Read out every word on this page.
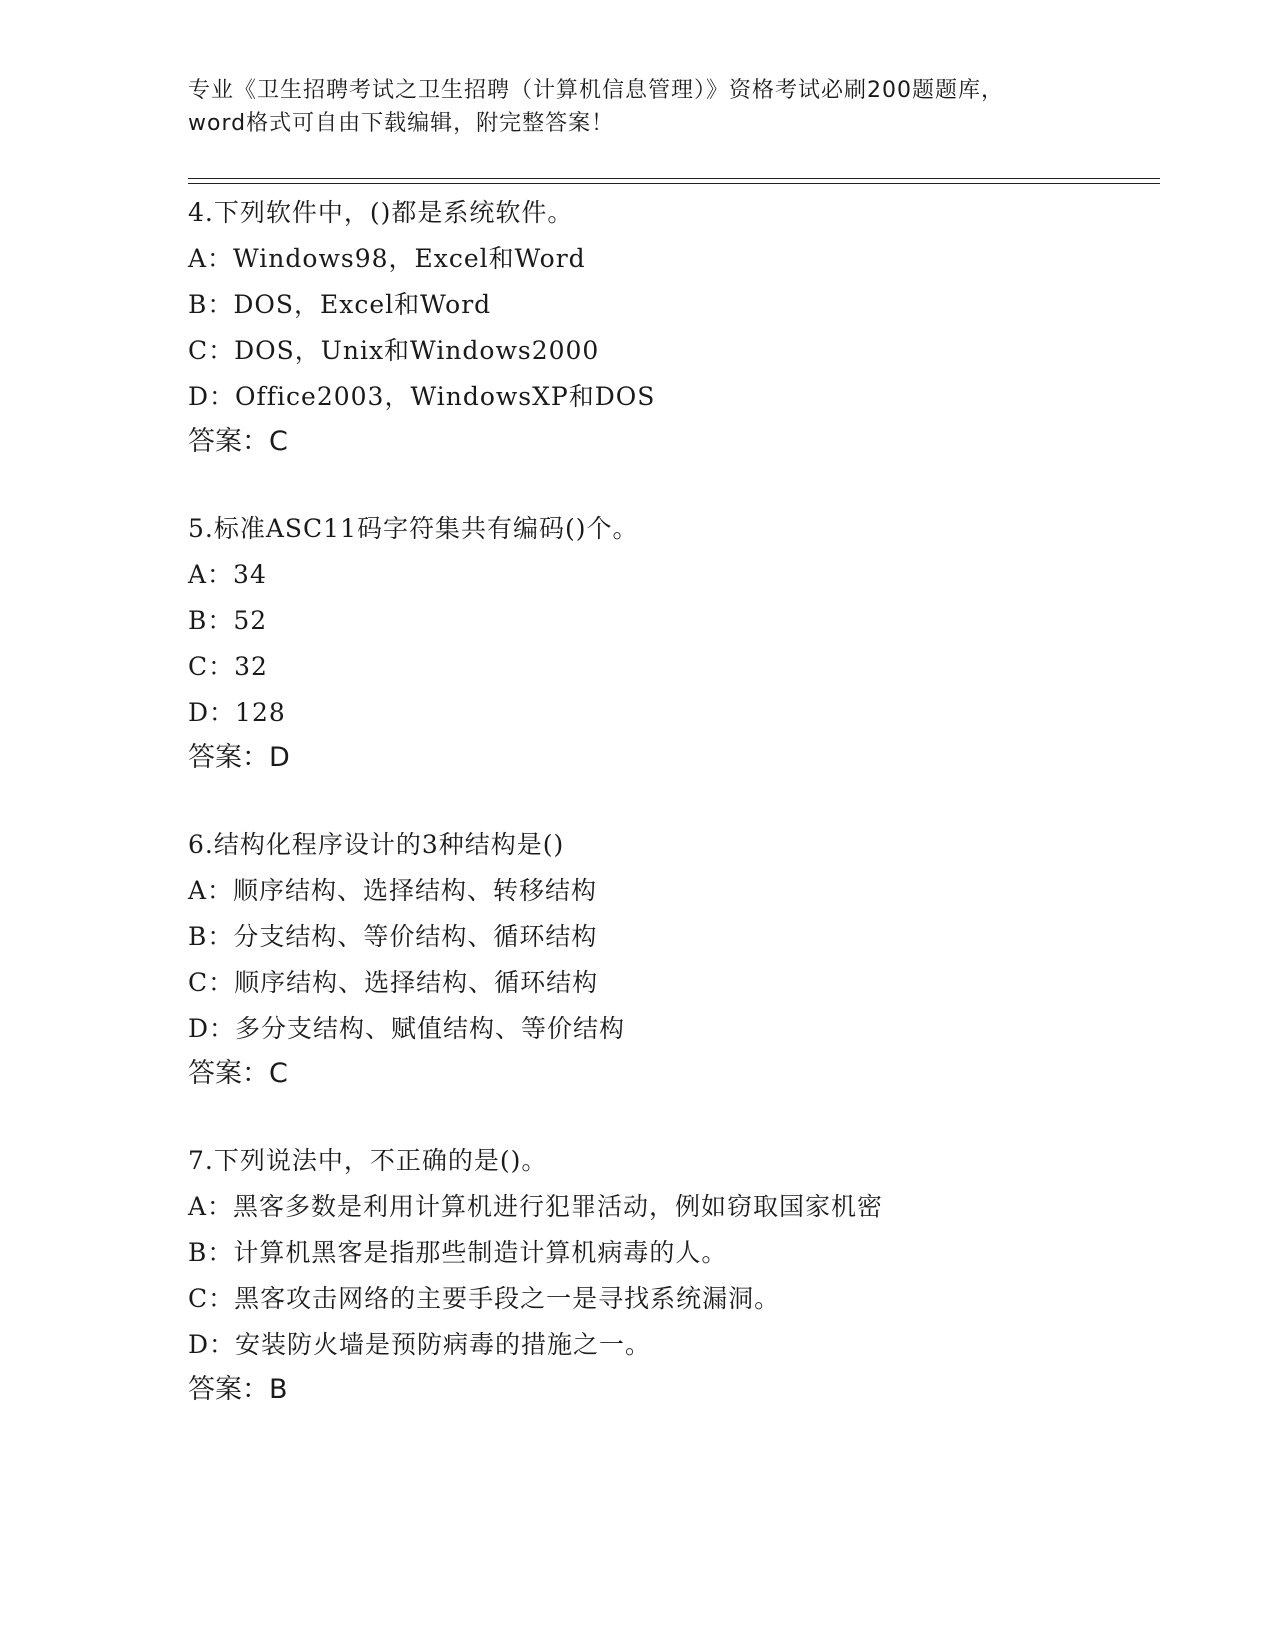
专业《卫生招聘考试之卫生招聘（计算机信息管理）》资格考试必刷200题题库，

word格式可自由下载编辑，附完整答案！

4.下列软件中，()都是系统软件。
A：Windows98，Excel和Word
B：DOS，Excel和Word
C：DOS，Unix和Windows2000
D：Office2003，WindowsXP和DOS
答案：C
5.标准ASC11码字符集共有编码()个。
A：34
B：52
C：32
D：128
答案：D
6.结构化程序设计的3种结构是()
A：顺序结构、选择结构、转移结构
B：分支结构、等价结构、循环结构
C：顺序结构、选择结构、循环结构
D：多分支结构、赋值结构、等价结构
答案：C
7.下列说法中，不正确的是()。
A：黑客多数是利用计算机进行犯罪活动，例如窃取国家机密
B：计算机黑客是指那些制造计算机病毒的人。
C：黑客攻击网络的主要手段之一是寻找系统漏洞。
D：安装防火墙是预防病毒的措施之一。
答案：B
